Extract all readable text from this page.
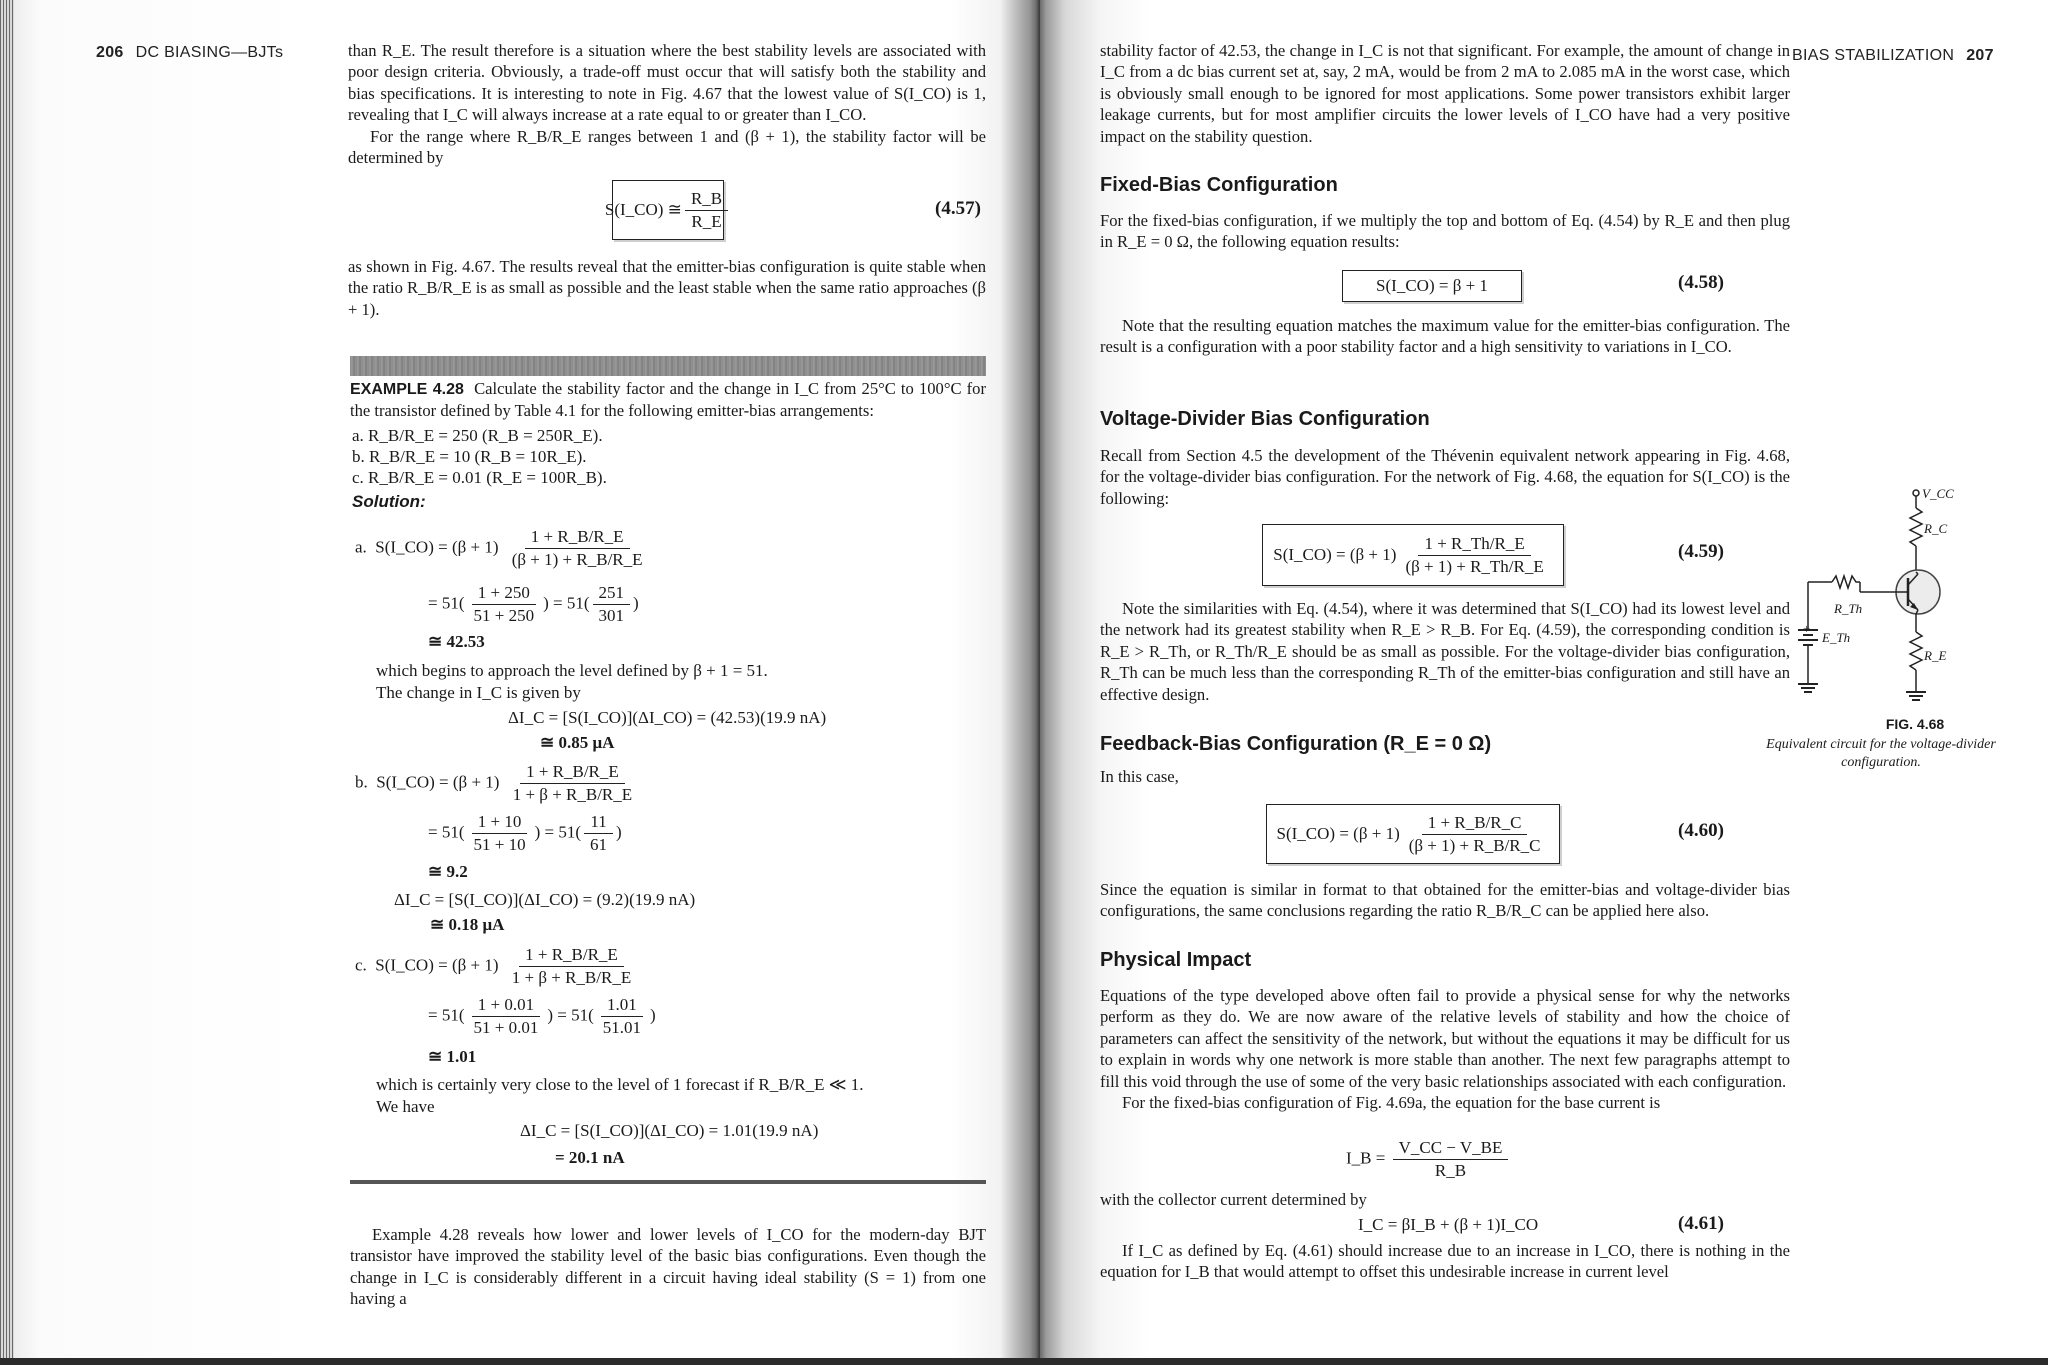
206 DC BIASING—BJTs	than R_E. The result therefore is a situation where the best stability levels are associated with poor design criteria. Obviously, a trade-off must occur that will satisfy both the stability and bias specifications. It is interesting to note in Fig. 4.67 that the lowest value of S(I_CO) is 1, revealing that I_C will always increase at a rate equal to or greater than I_CO.

For the range where R_B/R_E ranges between 1 and (β + 1), the stability factor will be determined by

S(I_CO) ≅ $\frac{R\_B}{R\_E}$	(4.57)

as shown in Fig. 4.67. The results reveal that the emitter-bias configuration is quite stable when the ratio R_B/R_E is as small as possible and the least stable when the same ratio approaches (β + 1).

EXAMPLE 4.28 Calculate the stability factor and the change in I_C from 25°C to 100°C for the transistor defined by Table 4.1 for the following emitter-bias arrangements:

a. R_B/R_E = 250 (R_B = 250R_E).
b. R_B/R_E = 10 (R_B = 10R_E).
c. R_B/R_E = 0.01 (R_E = 100R_B).
Solution:
a. S(I_CO) = $(\beta + 1) \frac{1 + R\_B/R\_E}{(\beta + 1) + R\_B/R\_E}$
= $51( \frac{1 + 250}{51 + 250}$ ) = $51( \frac{251}{301}$ )
≅ 42.53
which begins to approach the level defined by β + 1 = 51.
The change in I_C is given by
ΔI_C = [S(I_CO)](ΔI_CO) = (42.53)(19.9 nA)
≅ 0.85 μA
b. S(I_CO) = $(\beta + 1) \frac{1 + R\_B/R\_E}{1 + \beta + R\_B/R\_E}$
= $51( \frac{1 + 10}{51 + 10}$ ) = $51( \frac{11}{61}$ )
≅ 9.2
ΔI_C = [S(I_CO)](ΔI_CO) = (9.2)(19.9 nA)
≅ 0.18 μA
c. S(I_CO) = $(\beta + 1) \frac{1 + R\_B/R\_E}{1 + \beta + R\_B/R\_E}$
= $51( \frac{1 + 0.01}{51 + 0.01}$ ) = $51( \frac{1.01}{51.01}$ )
≅ 1.01
which is certainly very close to the level of 1 forecast if R_B/R_E ≪ 1.
We have
ΔI_C = [S(I_CO)](ΔI_CO) = 1.01(19.9 nA)
= 20.1 nA

Example 4.28 reveals how lower and lower levels of I_CO for the modern-day BJT transistor have improved the stability level of the basic bias configurations. Even though the change in I_C is considerably different in a circuit having ideal stability (S = 1) from one having a

BIAS STABILIZATION 207

stability factor of 42.53, the change in I_C is not that significant. For example, the amount of change in I_C from a dc bias current set at, say, 2 mA, would be from 2 mA to 2.085 mA in the worst case, which is obviously small enough to be ignored for most applications. Some power transistors exhibit larger leakage currents, but for most amplifier circuits the lower levels of I_CO have had a very positive impact on the stability question.

Fixed-Bias Configuration

For the fixed-bias configuration, if we multiply the top and bottom of Eq. (4.54) by R_E and then plug in R_E = 0 Ω, the following equation results:

S(I_CO) = β + 1	(4.58)

Note that the resulting equation matches the maximum value for the emitter-bias configuration. The result is a configuration with a poor stability factor and a high sensitivity to variations in I_CO.

Voltage-Divider Bias Configuration

Recall from Section 4.5 the development of the Thévenin equivalent network appearing in Fig. 4.68, for the voltage-divider bias configuration. For the network of Fig. 4.68, the equation for S(I_CO) is the following:

S(I_CO) = $(\beta + 1) \frac{1 + R\_Th/R\_E}{(\beta + 1) + R\_Th/R\_E}$	(4.59)

Note the similarities with Eq. (4.54), where it was determined that S(I_CO) had its lowest level and the network had its greatest stability when R_E > R_B. For Eq. (4.59), the corresponding condition is R_E > R_Th, or R_Th/R_E should be as small as possible. For the voltage-divider bias configuration, R_Th can be much less than the corresponding R_Th of the emitter-bias configuration and still have an effective design.

Feedback-Bias Configuration (R_E = 0 Ω)
In this case,
S(I_CO) = $(\beta + 1) \frac{1 + R\_B/R\_C}{(\beta + 1) + R\_B/R\_C}$	(4.60)

Since the equation is similar in format to that obtained for the emitter-bias and voltage-divider bias configurations, the same conclusions regarding the ratio R_B/R_C can be applied here also.

Physical Impact

Equations of the type developed above often fail to provide a physical sense for why the networks perform as they do. We are now aware of the relative levels of stability and how the choice of parameters can affect the sensitivity of the network, but without the equations it may be difficult for us to explain in words why one network is more stable than another. The next few paragraphs attempt to fill this void through the use of some of the very basic relationships associated with each configuration.

For the fixed-bias configuration of Fig. 4.69a, the equation for the base current is

I_B = $\frac{V\_CC - V\_BE}{R\_B}$
with the collector current determined by
I_C = βI_B + (β + 1)I_CO	(4.61)

If I_C as defined by Eq. (4.61) should increase due to an increase in I_CO, there is nothing in the equation for I_B that would attempt to offset this undesirable increase in current level

V_CC
R_C
R_Th
E_Th
R_E
+
FIG. 4.68
Equivalent circuit for the voltage-divider configuration.
